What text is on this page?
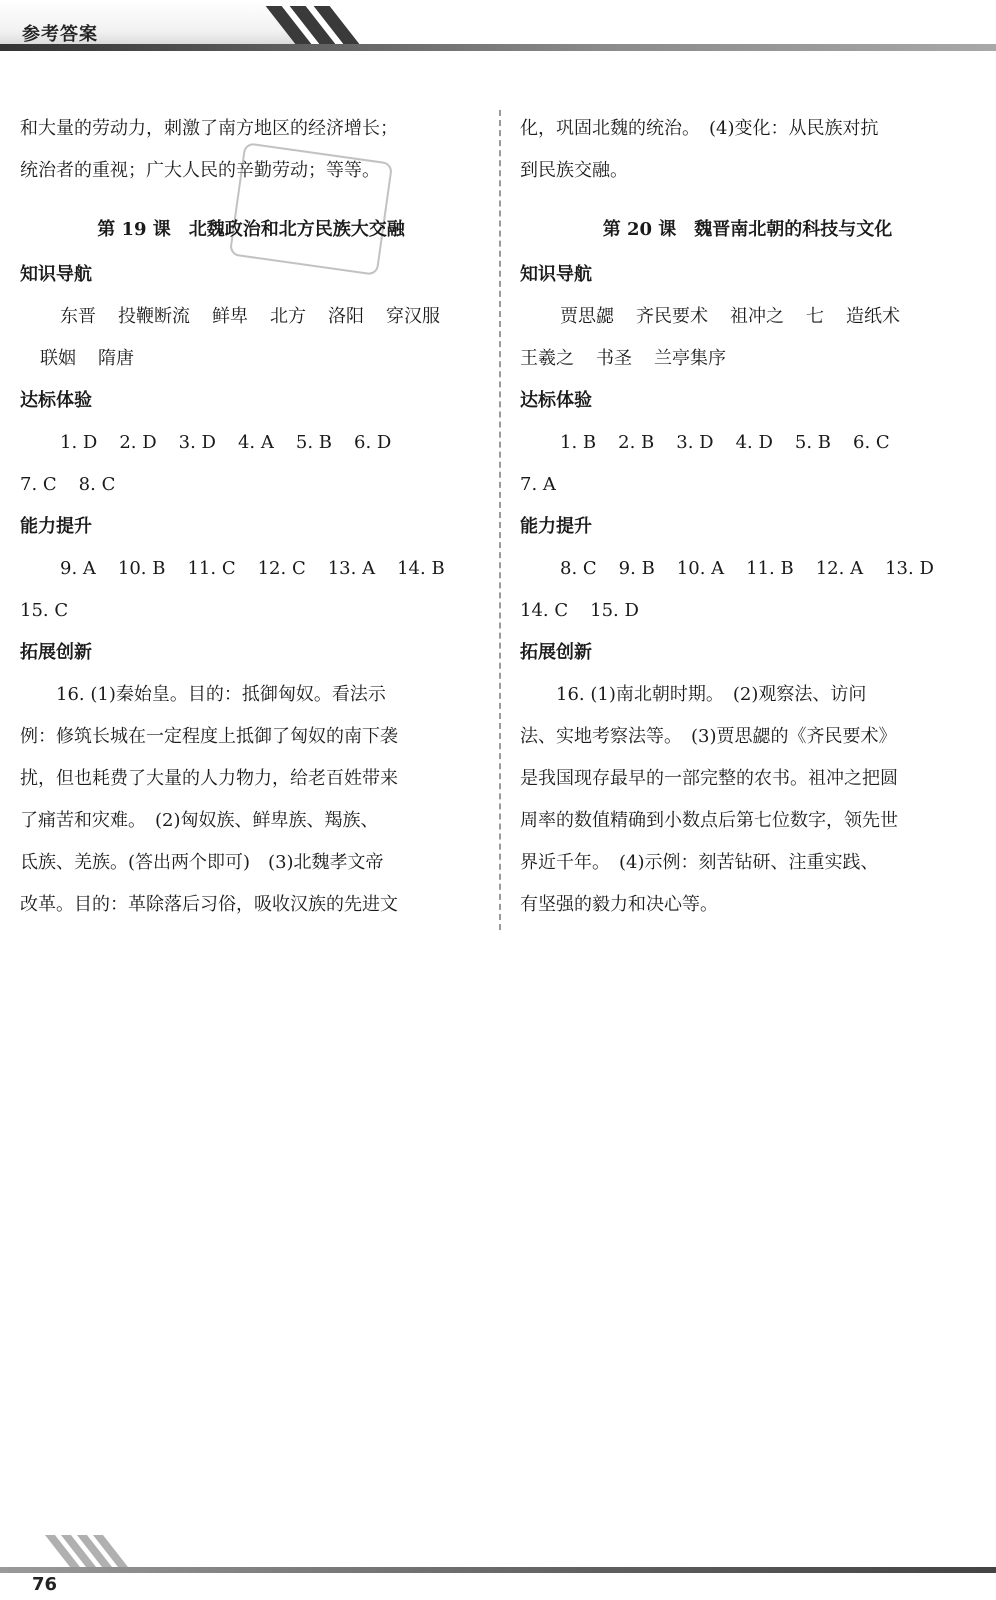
参考答案

和大量的劳动力，刺激了南方地区的经济增长；

统治者的重视；广大人民的辛勤劳动；等等。

第 19 课　北魏政治和北方民族大交融

知识导航

东晋 投鞭断流 鲜卑 北方 洛阳 穿汉服

联姻 隋唐

达标体验

1. D 2. D 3. D 4. A 5. B 6. D

7. C 8. C

能力提升

9. A 10. B 11. C 12. C 13. A 14. B

15. C

拓展创新

16. (1)秦始皇。目的：抵御匈奴。看法示

例：修筑长城在一定程度上抵御了匈奴的南下袭

扰，但也耗费了大量的人力物力，给老百姓带来

了痛苦和灾难。　(2)匈奴族、鲜卑族、羯族、

氐族、羌族。(答出两个即可)　(3)北魏孝文帝

改革。目的：革除落后习俗，吸收汉族的先进文

化，巩固北魏的统治。　(4)变化：从民族对抗

到民族交融。

第 20 课　魏晋南北朝的科技与文化

知识导航

贾思勰 齐民要术 祖冲之 七 造纸术

王羲之 书圣 兰亭集序

达标体验

1. B 2. B 3. D 4. D 5. B 6. C

7. A

能力提升

8. C 9. B 10. A 11. B 12. A 13. D

14. C 15. D

拓展创新

16. (1)南北朝时期。　(2)观察法、访问

法、实地考察法等。　(3)贾思勰的《齐民要术》

是我国现存最早的一部完整的农书。祖冲之把圆

周率的数值精确到小数点后第七位数字，领先世

界近千年。　(4)示例：刻苦钻研、注重实践、

有坚强的毅力和决心等。

76
